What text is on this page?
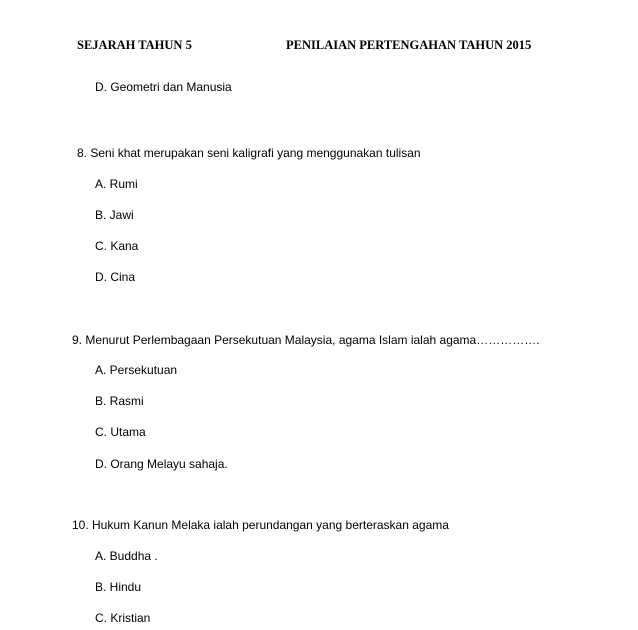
SEJARAH TAHUN 5	PENILAIAN PERTENGAHAN TAHUN 2015
D. Geometri dan Manusia
8. Seni khat merupakan seni kaligrafi yang menggunakan tulisan
A. Rumi
B. Jawi
C. Kana
D. Cina
9. Menurut Perlembagaan Persekutuan Malaysia, agama Islam ialah agama…………….
A. Persekutuan
B. Rasmi
C. Utama
D. Orang Melayu sahaja.
10. Hukum Kanun Melaka ialah perundangan yang berteraskan agama
A. Buddha .
B. Hindu
C. Kristian
